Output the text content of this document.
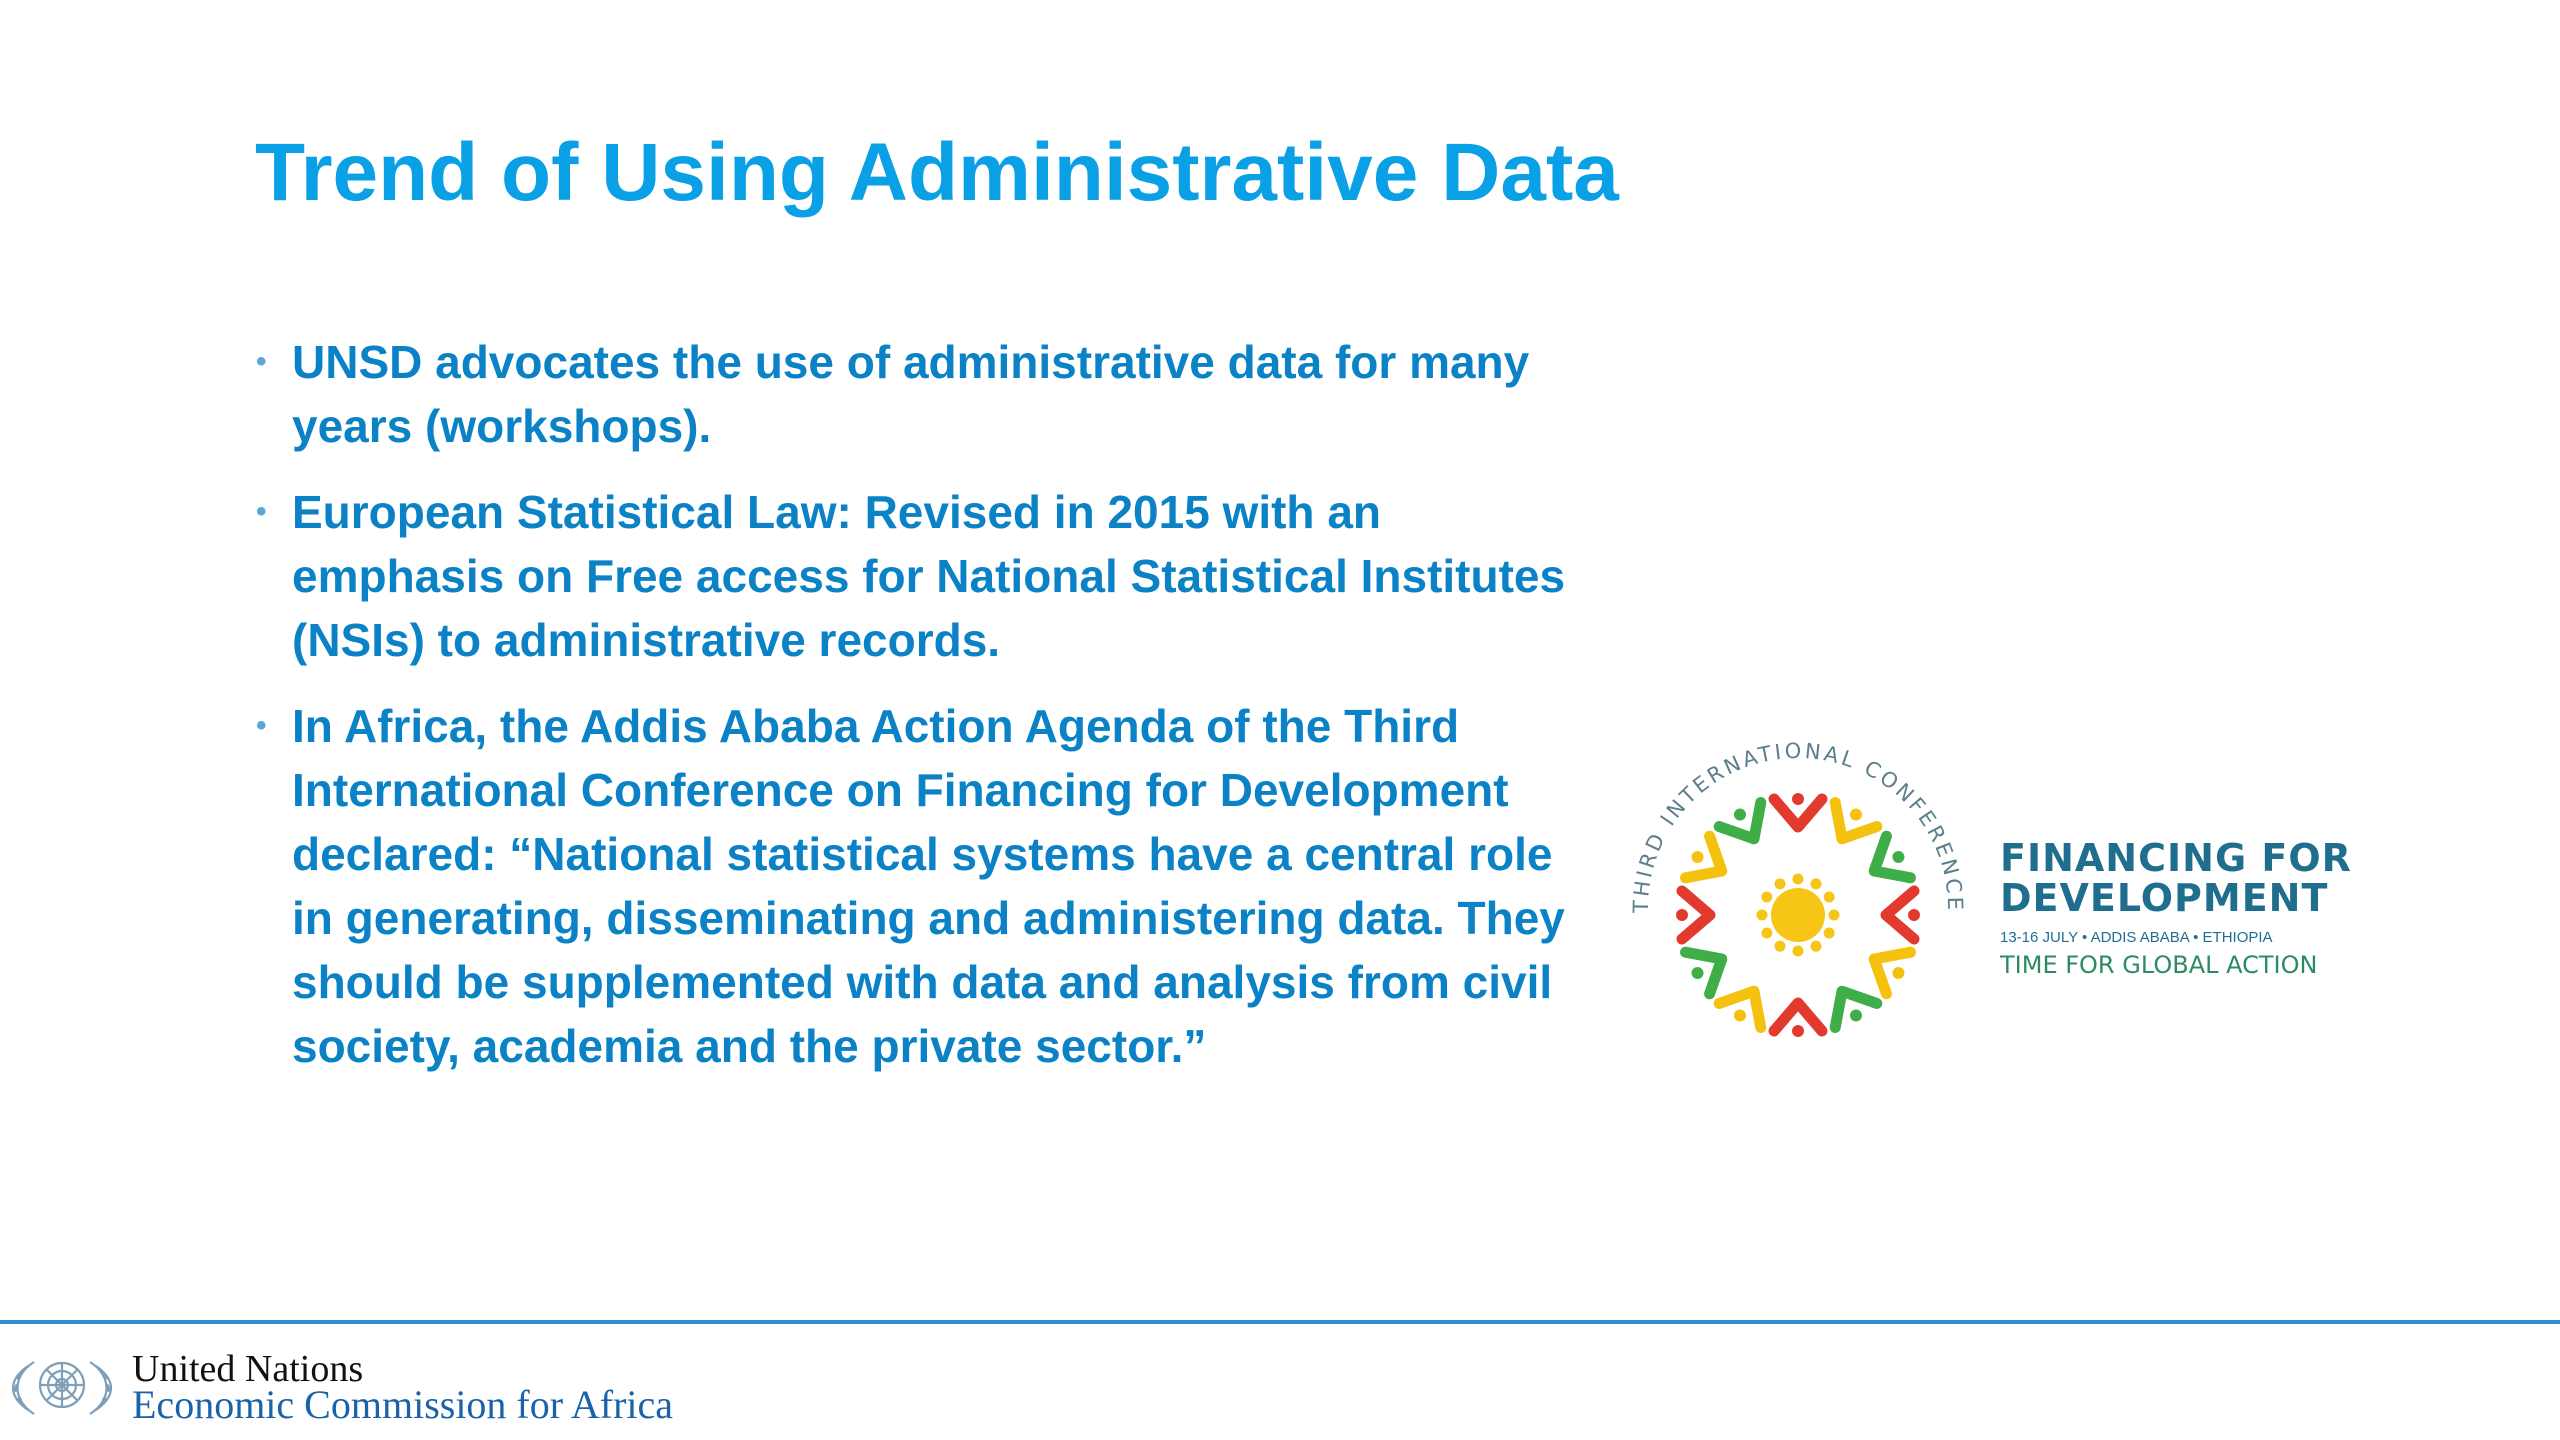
Trend of Using Administrative Data
• UNSD advocates the use of administrative data for many years (workshops).
• European Statistical Law: Revised in 2015 with an emphasis on Free access for National Statistical Institutes (NSIs) to administrative records.
• In Africa, the Addis Ababa Action Agenda of the Third International Conference on Financing for Development declared: “National statistical systems have a central role in generating, disseminating and administering data. They should be supplemented with data and analysis from civil society, academia and the private sector.”
THIRD INTERNATIONAL CONFERENCE
FINANCING FOR
DEVELOPMENT
13-16 JULY • ADDIS ABABA • ETHIOPIA
TIME FOR GLOBAL ACTION
United Nations
Economic Commission for Africa
